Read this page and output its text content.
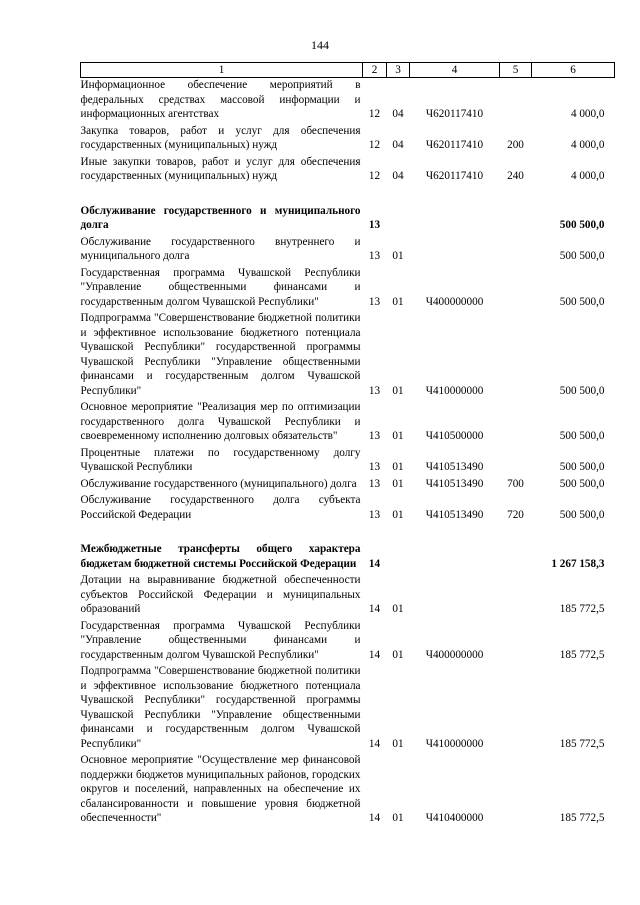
144
1	2	3	4	5	6
Информационное обеспечение мероприятий в федеральных средствах массовой информации и информационных агентствах	12	04	Ч620117410		4 000,0
Закупка товаров, работ и услуг для обеспечения государственных (муниципальных) нужд	12	04	Ч620117410	200	4 000,0
Иные закупки товаров, работ и услуг для обеспечения государственных (муниципальных) нужд	12	04	Ч620117410	240	4 000,0

Обслуживание государственного и муниципального долга	13				500 500,0
Обслуживание государственного внутреннего и муниципального долга	13	01			500 500,0
Государственная программа Чувашской Республики "Управление общественными финансами и государственным долгом Чувашской Республики"	13	01	Ч400000000		500 500,0
Подпрограмма "Совершенствование бюджетной политики и эффективное использование бюджетного потенциала Чувашской Республики" государственной программы Чувашской Республики "Управление общественными финансами и государственным долгом Чувашской Республики"	13	01	Ч410000000		500 500,0
Основное мероприятие "Реализация мер по оптимизации государственного долга Чувашской Республики и своевременному исполнению долговых обязательств"	13	01	Ч410500000		500 500,0
Процентные платежи по государственному долгу Чувашской Республики	13	01	Ч410513490		500 500,0
Обслуживание государственного (муниципального) долга	13	01	Ч410513490	700	500 500,0
Обслуживание государственного долга субъекта Российской Федерации	13	01	Ч410513490	720	500 500,0

Межбюджетные трансферты общего характера бюджетам бюджетной системы Российской Федерации	14				1 267 158,3
Дотации на выравнивание бюджетной обеспеченности субъектов Российской Федерации и муниципальных образований	14	01			185 772,5
Государственная программа Чувашской Республики "Управление общественными финансами и государственным долгом Чувашской Республики"	14	01	Ч400000000		185 772,5
Подпрограмма "Совершенствование бюджетной политики и эффективное использование бюджетного потенциала Чувашской Республики" государственной программы Чувашской Республики "Управление общественными финансами и государственным долгом Чувашской Республики"	14	01	Ч410000000		185 772,5
Основное мероприятие "Осуществление мер финансовой поддержки бюджетов муниципальных районов, городских округов и поселений, направленных на обеспечение их сбалансированности и повышение уровня бюджетной обеспеченности"	14	01	Ч410400000		185 772,5
